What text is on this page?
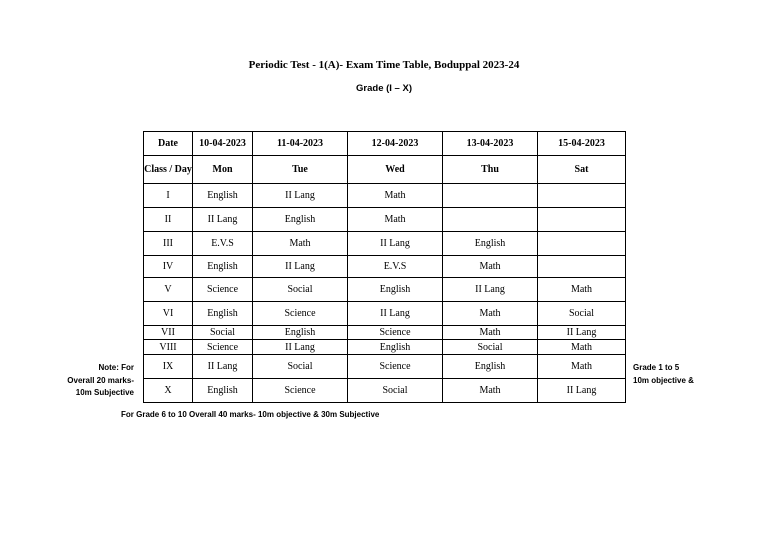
Periodic Test - 1(A)- Exam Time Table, Boduppal 2023-24
Grade (I – X)
Date	10-04-2023	11-04-2023	12-04-2023	13-04-2023	15-04-2023
Class / Day	Mon	Tue	Wed	Thu	Sat
I	English	II Lang	Math		
II	II Lang	English	Math		
III	E.V.S	Math	II Lang	English	
IV	English	II Lang	E.V.S	Math	
V	Science	Social	English	II Lang	Math
VI	English	Science	II Lang	Math	Social
VII	Social	English	Science	Math	II Lang
VIII	Science	II Lang	English	Social	Math
IX	II Lang	Social	Science	English	Math
X	English	Science	Social	Math	II Lang
Note: For
Overall 20 marks-
10m Subjective
Grade 1 to 5
10m objective &
For Grade 6 to 10 Overall 40 marks- 10m objective & 30m Subjective
